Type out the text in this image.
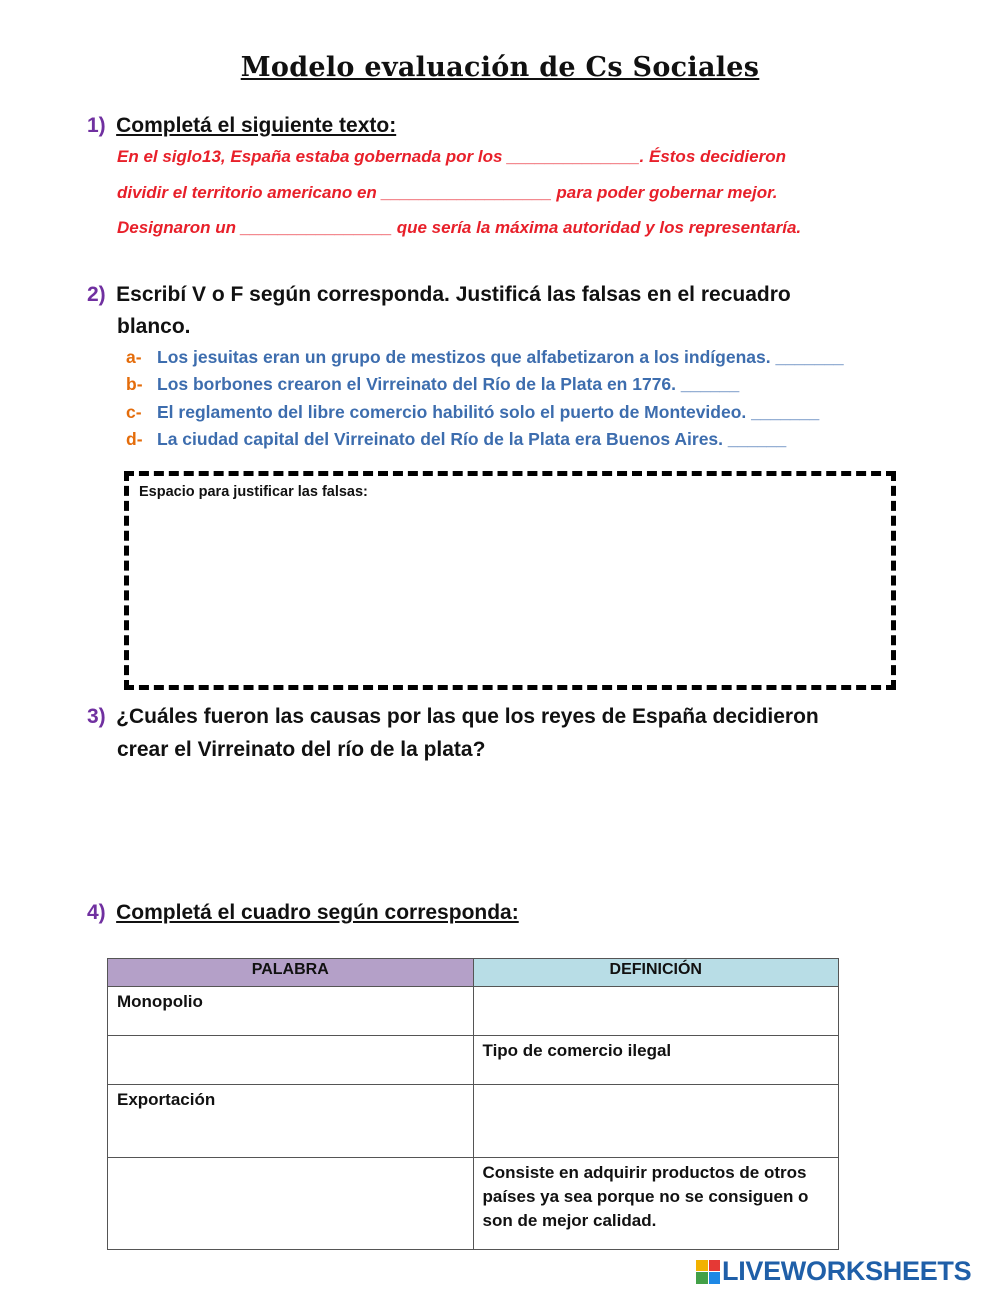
Modelo evaluación de Cs Sociales
1) Completá el siguiente texto:
En el siglo13, España estaba gobernada por los ______________. Éstos decidieron
dividir el territorio americano en __________________ para poder gobernar mejor.
Designaron un ________________ que sería la máxima autoridad y los representaría.
2) Escribí V o F según corresponda. Justificá las falsas en el recuadro
blanco.
a- Los jesuitas eran un grupo de mestizos que alfabetizaron a los indígenas. _______
b- Los borbones crearon el Virreinato del Río de la Plata en 1776. ______
c- El reglamento del libre comercio habilitó solo el puerto de Montevideo. _______
d- La ciudad capital del Virreinato del Río de la Plata era Buenos Aires. ______
Espacio para justificar las falsas:
3) ¿Cuáles fueron las causas por las que los reyes de España decidieron
crear el Virreinato del río de la plata?
4) Completá el cuadro según corresponda:
PALABRA	DEFINICIÓN
Monopolio	
	Tipo de comercio ilegal
Exportación	
	Consiste en adquirir productos de otros países ya sea porque no se consiguen o son de mejor calidad.
LIVEWORKSHEETS
